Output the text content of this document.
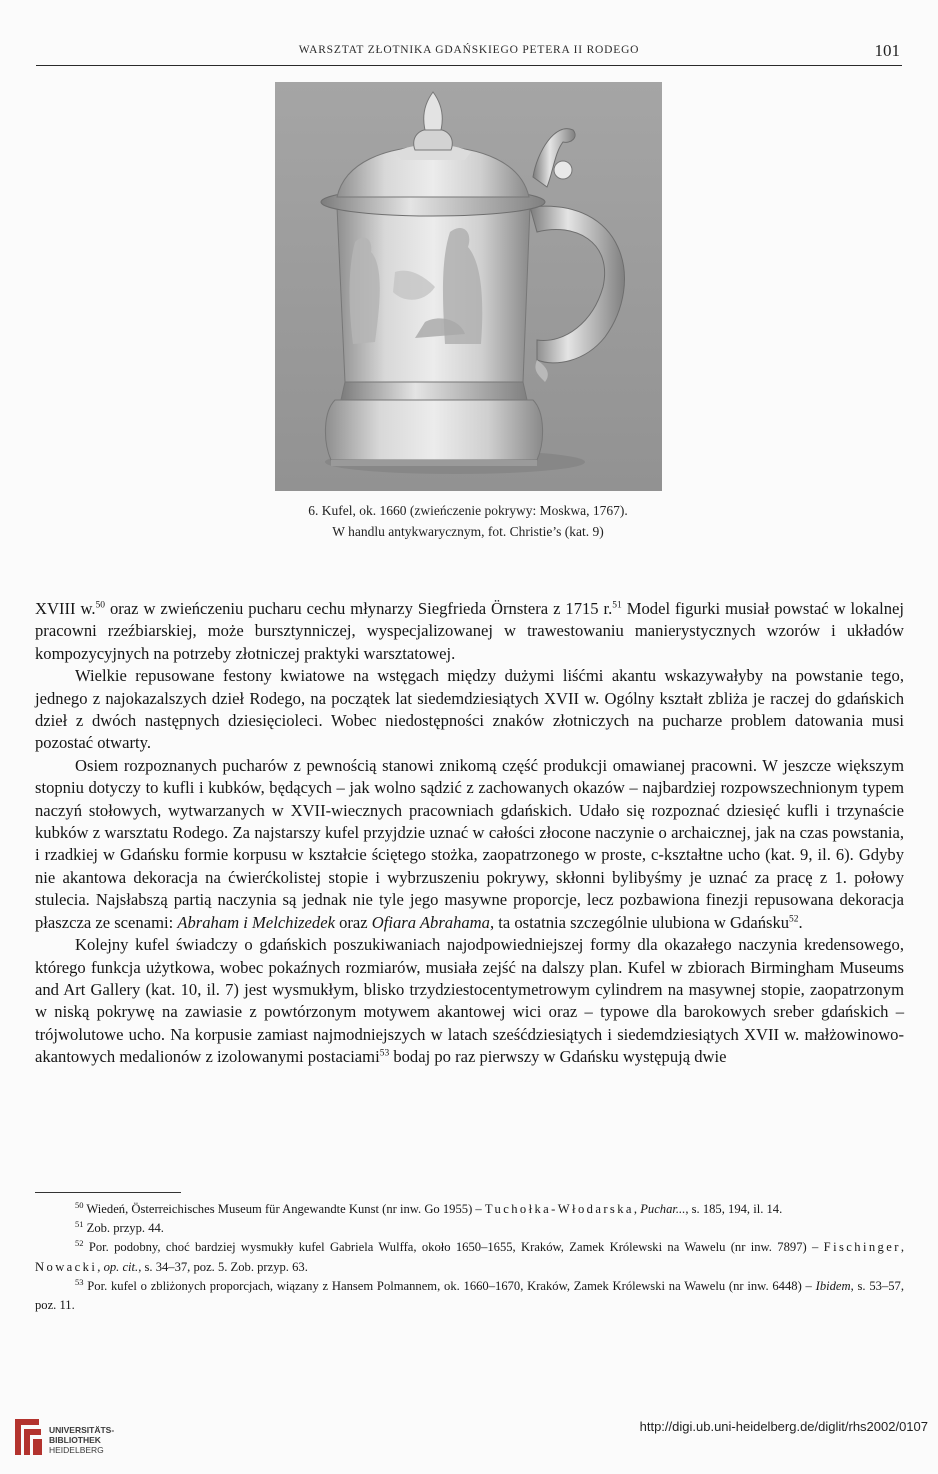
WARSZTAT ZŁOTNIKA GDAŃSKIEGO PETERA II RODEGO	101
6. Kufel, ok. 1660 (zwieńczenie pokrywy: Moskwa, 1767).
W handlu antykwarycznym, fot. Christie’s (kat. 9)

XVIII w.$^{50}$ oraz w zwieńczeniu pucharu cechu młynarzy Siegfrieda Örnstera z 1715 r.$^{51}$ Model figurki musiał powstać w lokalnej pracowni rzeźbiarskiej, może bursztynniczej, wyspecjalizowanej w trawestowaniu manierystycznych wzorów i układów kompozycyjnych na potrzeby złotniczej praktyki warsztatowej.

Wielkie repusowane festony kwiatowe na wstęgach między dużymi liśćmi akantu wskazywałyby na powstanie tego, jednego z najokazalszych dzieł Rodego, na początek lat siedemdziesiątych XVII w. Ogólny kształt zbliża je raczej do gdańskich dzieł z dwóch następnych dziesięcioleci. Wobec niedostępności znaków złotniczych na pucharze problem datowania musi pozostać otwarty.

Osiem rozpoznanych pucharów z pewnością stanowi znikomą część produkcji omawianej pracowni. W jeszcze większym stopniu dotyczy to kufli i kubków, będących – jak wolno sądzić z zachowanych okazów – najbardziej rozpowszechnionym typem naczyń stołowych, wytwarzanych w XVII-wiecznych pracowniach gdańskich. Udało się rozpoznać dziesięć kufli i trzynaście kubków z warsztatu Rodego. Za najstarszy kufel przyjdzie uznać w całości złocone naczynie o archaicznej, jak na czas powstania, i rzadkiej w Gdańsku formie korpusu w kształcie ściętego stożka, zaopatrzonego w proste, c-kształtne ucho (kat. 9, il. 6). Gdyby nie akantowa dekoracja na ćwierćkolistej stopie i wybrzuszeniu pokrywy, skłonni bylibyśmy je uznać za pracę z 1. połowy stulecia. Najsłabszą partią naczynia są jednak nie tyle jego masywne proporcje, lecz pozbawiona finezji repusowana dekoracja płaszcza ze scenami: Abraham i Melchizedek oraz Ofiara Abrahama, ta ostatnia szczególnie ulubiona w Gdańsku$^{52}$.

Kolejny kufel świadczy o gdańskich poszukiwaniach najodpowiedniejszej formy dla okazałego naczynia kredensowego, którego funkcja użytkowa, wobec pokaźnych rozmiarów, musiała zejść na dalszy plan. Kufel w zbiorach Birmingham Museums and Art Gallery (kat. 10, il. 7) jest wysmukłym, blisko trzydziestocentymetrowym cylindrem na masywnej stopie, zaopatrzonym w niską pokrywę na zawiasie z powtórzonym motywem akantowej wici oraz – typowe dla barokowych sreber gdańskich – trójwolutowe ucho. Na korpusie zamiast najmodniejszych w latach sześćdziesiątych i siedemdziesiątych XVII w. małżowinowo-akantowych medalionów z izolowanymi postaciami$^{53}$ bodaj po raz pierwszy w Gdańsku występują dwie

$^{50}$ Wiedeń, Österreichisches Museum für Angewandte Kunst (nr inw. Go 1955) – Tuchołka-Włodarska, Puchar..., s. 185, 194, il. 14.

$^{51}$ Zob. przyp. 44.

$^{52}$ Por. podobny, choć bardziej wysmukły kufel Gabriela Wulffa, około 1650–1655, Kraków, Zamek Królewski na Wawelu (nr inw. 7897) – Fischinger, Nowacki, op. cit., s. 34–37, poz. 5. Zob. przyp. 63.

$^{53}$ Por. kufel o zbliżonych proporcjach, wiązany z Hansem Polmannem, ok. 1660–1670, Kraków, Zamek Królewski na Wawelu (nr inw. 6448) – Ibidem, s. 53–57, poz. 11.

UNIVERSITÄTS-
BIBLIOTHEK
HEIDELBERG
http://digi.ub.uni-heidelberg.de/diglit/rhs2002/0107
